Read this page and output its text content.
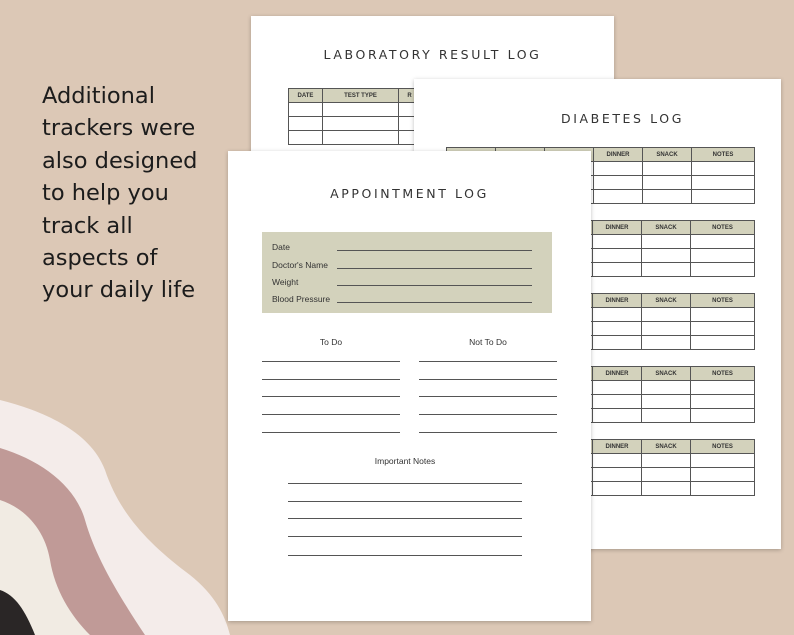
Additional
trackers were
also designed
to help you
track all
aspects of
your daily life
LABORATORY RESULT LOG
DATE	TEST TYPE	R

DIABETES LOG
			DINNER	SNACK	NOTES

	DINNER	SNACK	NOTES

	DINNER	SNACK	NOTES

	DINNER	SNACK	NOTES

	DINNER	SNACK	NOTES

APPOINTMENT LOG
Date
Doctor's Name
Weight
Blood Pressure
To Do	Not To Do
Important Notes
